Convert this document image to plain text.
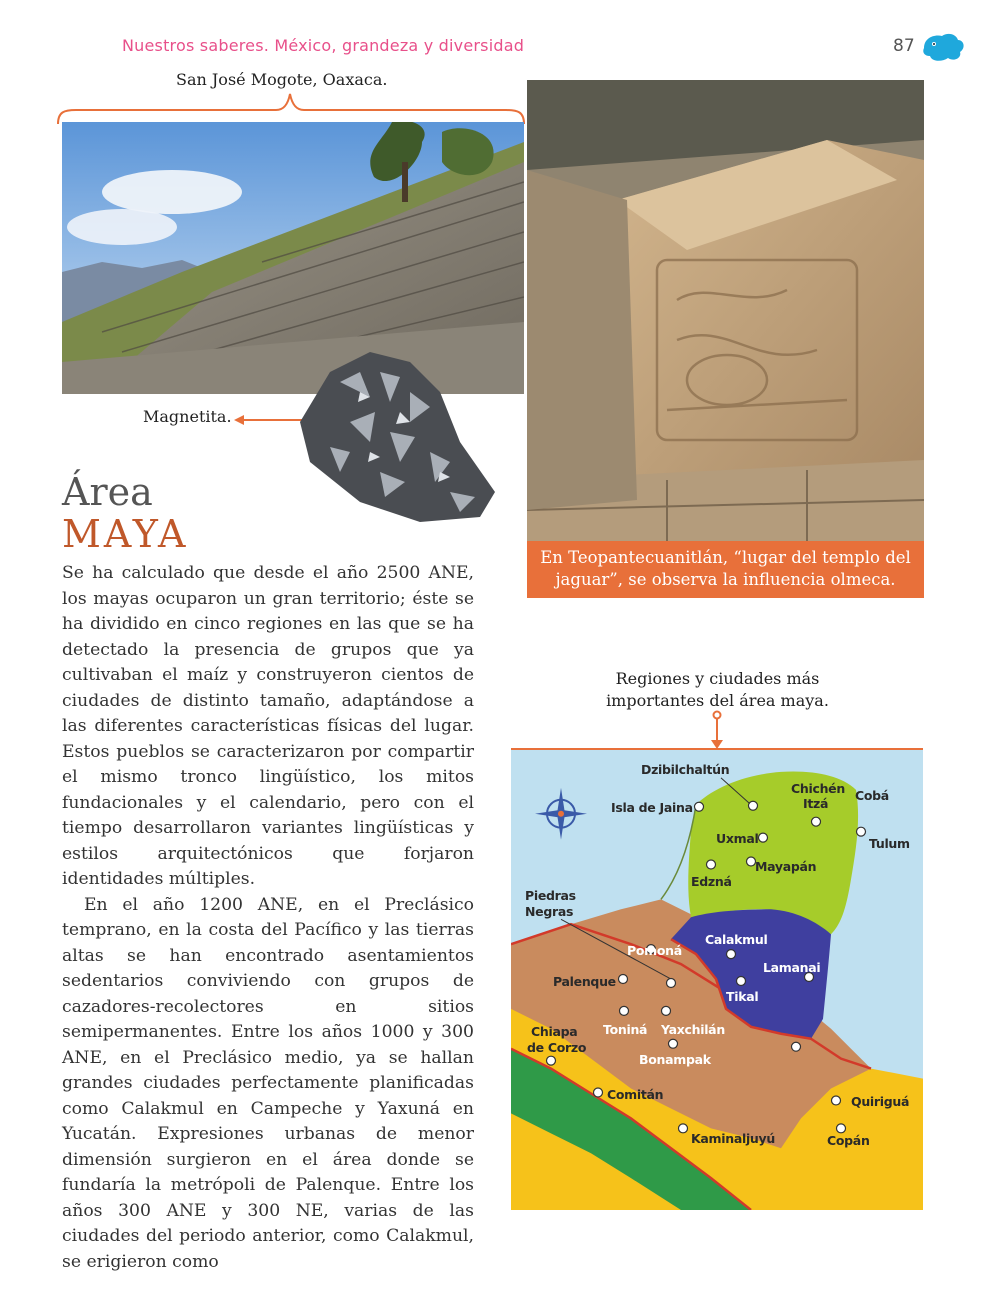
Nuestros saberes. México, grandeza y diversidad	87
San José Mogote, Oaxaca.
En Teopantecuanitlán, “lugar del templo del jaguar”, se observa la influencia olmeca.
Magnetita.
Área
MAYA

Se ha calculado que desde el año 2500 ANE, los mayas ocuparon un gran territorio; éste se ha dividido en cinco regiones en las que se ha detectado la presencia de grupos que ya cultivaban el maíz y construyeron cientos de ciudades de distinto tamaño, adaptándose a las diferentes características físicas del lugar. Estos pueblos se caracterizaron por compartir el mismo tronco lingüístico, los mitos fundacionales y el calendario, pero con el tiempo desarrollaron variantes lingüísticas y estilos arquitectónicos que forjaron identidades múltiples.

En el año 1200 ANE, en el Preclásico temprano, en la costa del Pacífico y las tierras altas se han encontrado asentamientos sedentarios conviviendo con grupos de cazadores-recolectores en sitios semipermanentes. Entre los años 1000 y 300 ANE, en el Preclásico medio, ya se hallan grandes ciudades perfectamente planificadas como Calakmul en Campeche y Yaxuná en Yucatán. Expresiones urbanas de menor dimensión surgieron en el área donde se fundaría la metrópoli de Palenque. Entre los años 300 ANE y 300 NE, varias de las ciudades del periodo anterior, como Calakmul, se erigieron como

Regiones y ciudades más importantes del área maya.
Dzibilchaltún
Isla de Jaina
Chichén
Itzá
Cobá
Uxmal	Tulum
Mayapán
Edzná
Piedras
Negras
Calakmul
Pomoná
Lamanai
Palenque
Tikal
Chiapa
de Corzo
Toniná Yaxchilán
Bonampak
Comitán	Quiriguá
Kaminaljuyú	Copán
